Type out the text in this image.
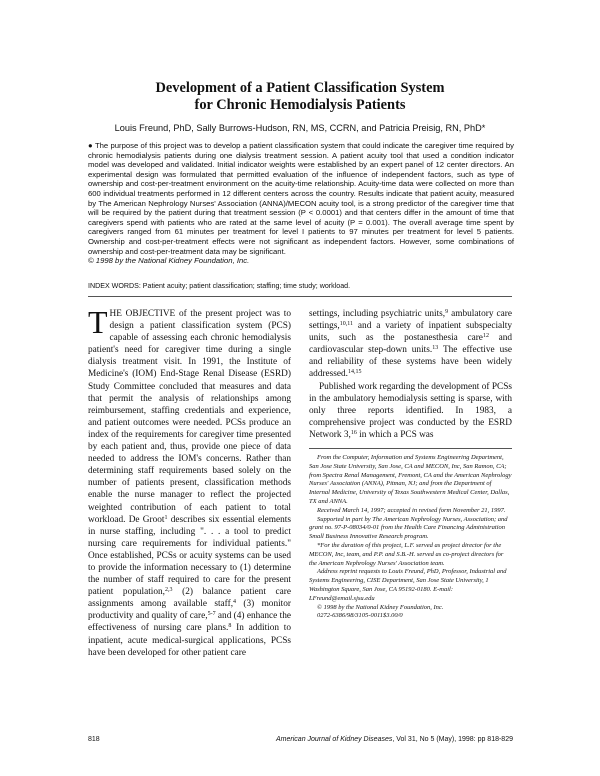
Development of a Patient Classification System
for Chronic Hemodialysis Patients
Louis Freund, PhD, Sally Burrows-Hudson, RN, MS, CCRN, and Patricia Preisig, RN, PhD*

● The purpose of this project was to develop a patient classification system that could indicate the caregiver time required by chronic hemodialysis patients during one dialysis treatment session. A patient acuity tool that used a condition indicator model was developed and validated. Initial indicator weights were established by an expert panel of 12 center directors. An experimental design was formulated that permitted evaluation of the influence of independent factors, such as type of ownership and cost-per-treatment environment on the acuity-time relationship. Acuity-time data were collected on more than 600 individual treatments performed in 12 different centers across the country. Results indicate that patient acuity, measured by The American Nephrology Nurses' Association (ANNA)/MECON acuity tool, is a strong predictor of the caregiver time that will be required by the patient during that treatment session (P < 0.0001) and that centers differ in the amount of time that caregivers spend with patients who are rated at the same level of acuity (P = 0.001). The overall average time spent by caregivers ranged from 61 minutes per treatment for level I patients to 97 minutes per treatment for level 5 patients. Ownership and cost-per-treatment effects were not significant as independent factors. However, some combinations of ownership and cost-per-treatment data may be significant.

© 1998 by the National Kidney Foundation, Inc.

INDEX WORDS: Patient acuity; patient classification; staffing; time study; workload.

THE OBJECTIVE of the present project was to design a patient classification system (PCS) capable of assessing each chronic hemodialysis patient's need for caregiver time during a single dialysis treatment visit. In 1991, the Institute of Medicine's (IOM) End-Stage Renal Disease (ESRD) Study Committee concluded that measures and data that permit the analysis of relationships among reimbursement, staffing credentials and experience, and patient outcomes were needed. PCSs produce an index of the requirements for caregiver time presented by each patient and, thus, provide one piece of data needed to address the IOM's concerns. Rather than determining staff requirements based solely on the number of patients present, classification methods enable the nurse manager to reflect the projected weighted contribution of each patient to total workload. De Groot$^1$ describes six essential elements in nurse staffing, including ". . . a tool to predict nursing care requirements for individual patients." Once established, PCSs or acuity systems can be used to provide the information necessary to (1) determine the number of staff required to care for the present patient population,$^{2,3}$ (2) balance patient care assignments among available staff,$^4$ (3) monitor productivity and quality of care,$^{5-7}$ and (4) enhance the effectiveness of nursing care plans.$^8$ In addition to inpatient, acute medical-surgical applications, PCSs have been developed for other patient care

settings, including psychiatric units,$^9$ ambulatory care settings,$^{10,11}$ and a variety of inpatient subspecialty units, such as the postanesthesia care$^{12}$ and cardiovascular step-down units.$^{13}$ The effective use and reliability of these systems have been widely addressed.$^{14,15}$

Published work regarding the development of PCSs in the ambulatory hemodialysis setting is sparse, with only three reports identified. In 1983, a comprehensive project was conducted by the ESRD Network 3,16 in which a PCS was

From the Computer, Information and Systems Engineering Department, San Jose State University, San Jose, CA and MECON, Inc, San Ramon, CA; from Spectra Renal Management, Fremont, CA and the American Nephrology Nurses' Association (ANNA), Pitman, NJ; and from the Department of Internal Medicine, University of Texas Southwestern Medical Center, Dallas, TX and ANNA.

Received March 14, 1997; accepted in revised form November 21, 1997.

Supported in part by The American Nephrology Nurses, Association; and grant no. 97-P-08034/0-01 from the Health Care Financing Administration Small Business Innovative Research program.

*For the duration of this project, L.F. served as project director for the MECON, Inc, team, and P.P. and S.B.-H. served as co-project directors for the American Nephrology Nurses' Association team.

Address reprint requests to Louis Freund, PhD, Professor, Industrial and Systems Engineering, CISE Department, San Jose State University, 1 Washington Square, San Jose, CA 95192-0180. E-mail: LFreund@email.sjsu.edu

© 1998 by the National Kidney Foundation, Inc.

0272-6386/98/3105-0011$3.00/0

818	American Journal of Kidney Diseases, Vol 31, No 5 (May), 1998: pp 818-829
